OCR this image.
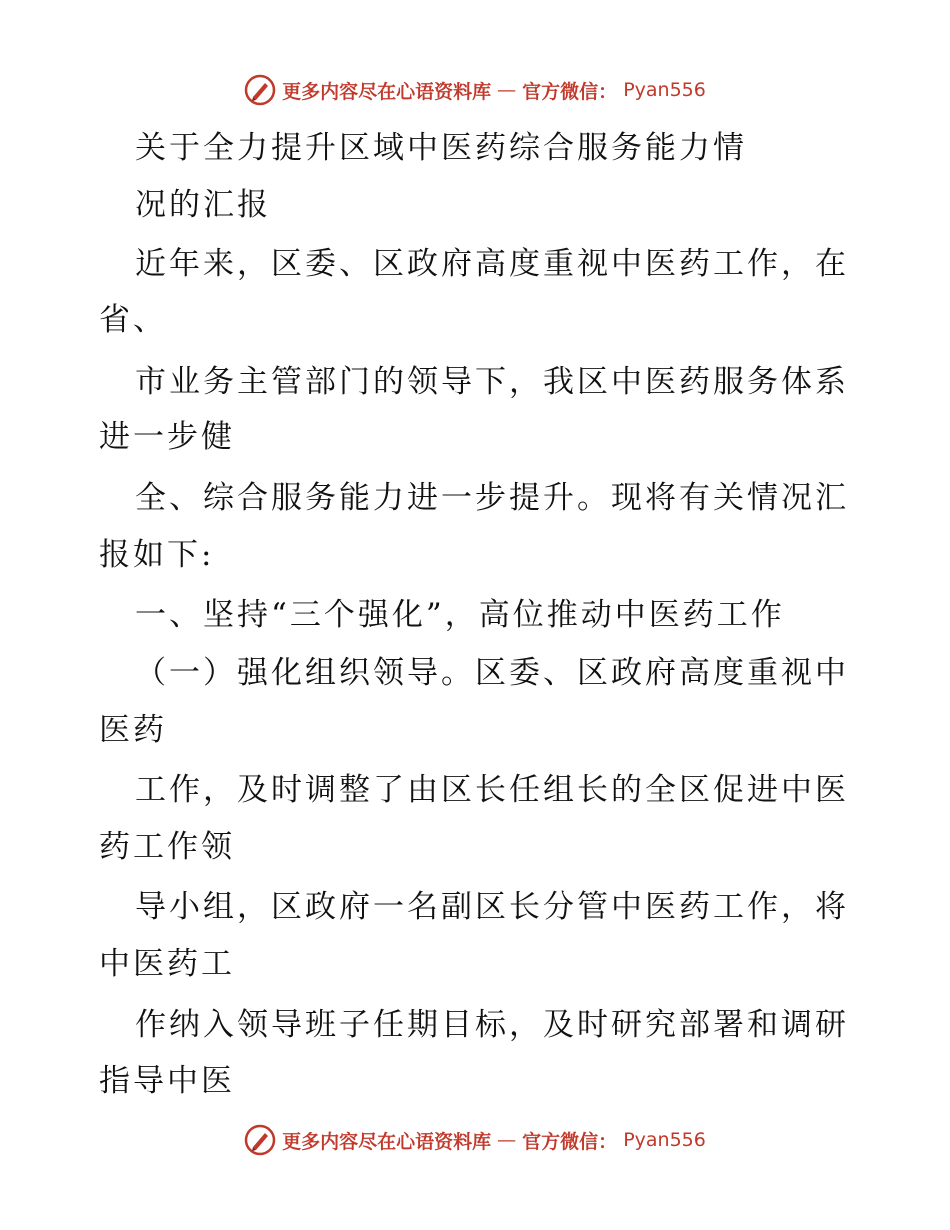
更多内容尽在心语资料库 — 官方微信： Pyan556
关于全力提升区域中医药综合服务能力情
况的汇报
近年来，区委、区政府高度重视中医药工作，在
省、
市业务主管部门的领导下，我区中医药服务体系
进一步健
全、综合服务能力进一步提升。现将有关情况汇
报如下:
一、坚持“三个强化”，高位推动中医药工作
（一）强化组织领导。区委、区政府高度重视中
医药
工作，及时调整了由区长任组长的全区促进中医
药工作领
导小组，区政府一名副区长分管中医药工作，将
中医药工
作纳入领导班子任期目标，及时研究部署和调研
指导中医
更多内容尽在心语资料库 — 官方微信： Pyan556
